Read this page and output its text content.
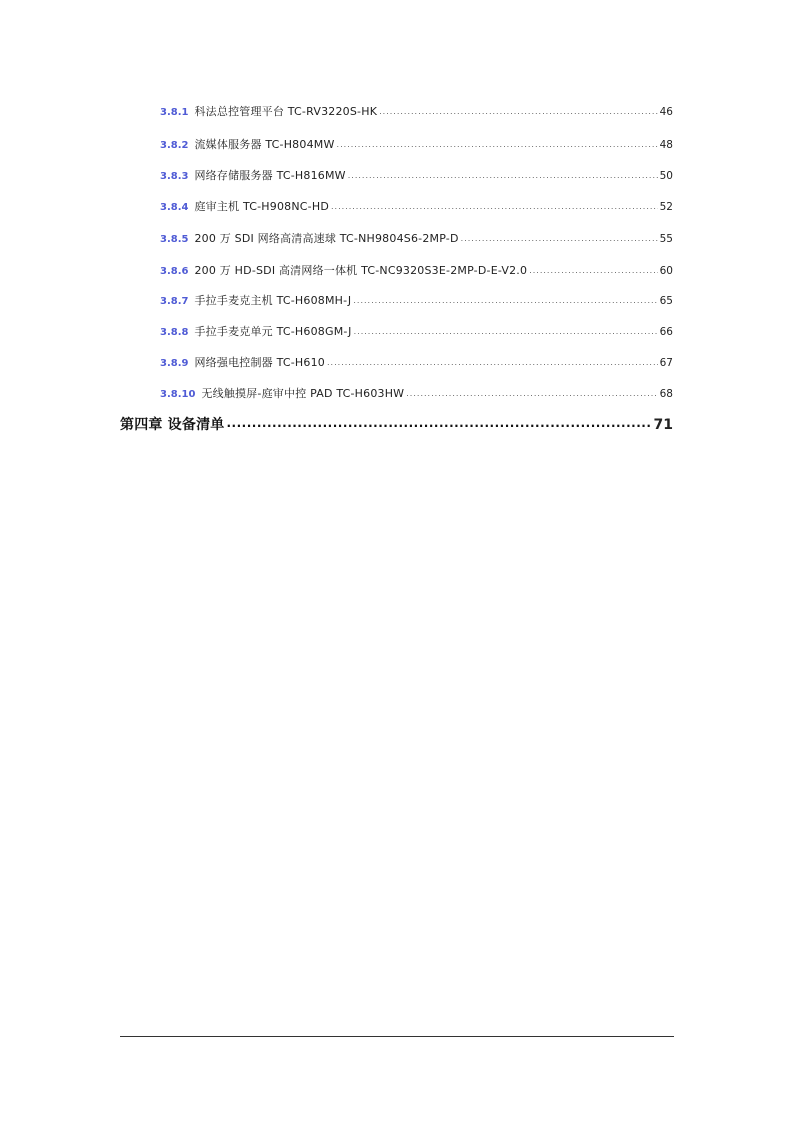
3.8.1 科法总控管理平台 TC-RV3220S-HK .....	46
3.8.2 流媒体服务器 TC-H804MW .....	48
3.8.3 网络存储服务器 TC-H816MW .....	50
3.8.4 庭审主机 TC-H908NC-HD .....	52
3.8.5 200 万 SDI 网络高清高速球 TC-NH9804S6-2MP-D .....	55
3.8.6 200 万 HD-SDI 高清网络一体机 TC-NC9320S3E-2MP-D-E-V2.0 .....	60
3.8.7 手拉手麦克主机 TC-H608MH-J .....	65
3.8.8 手拉手麦克单元 TC-H608GM-J .....	66
3.8.9 网络强电控制器 TC-H610 .....	67
3.8.10 无线触摸屏-庭审中控 PAD TC-H603HW .....	68
第四章 设备清单 .....	71
